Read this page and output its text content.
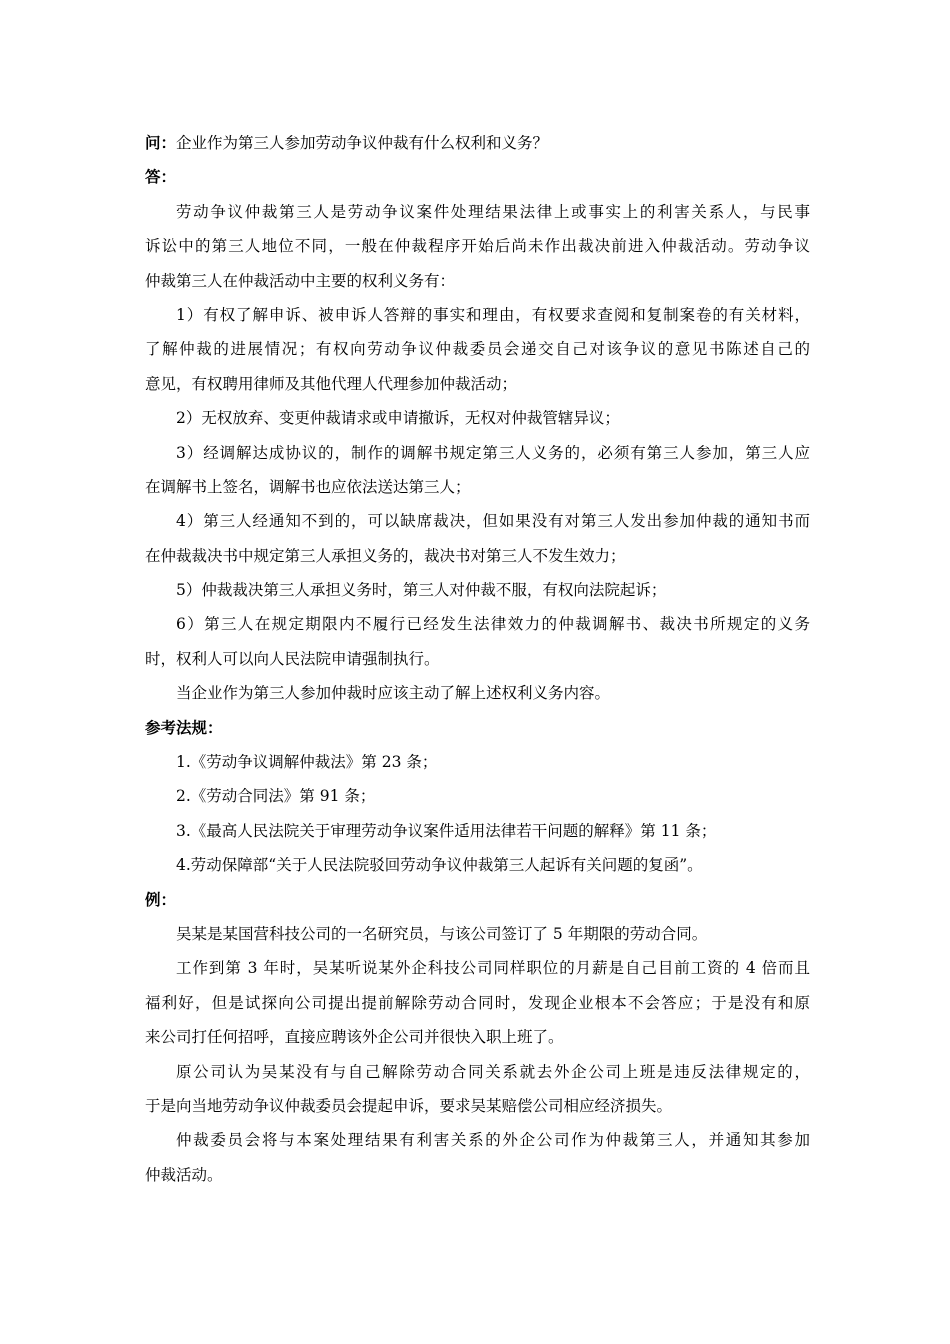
问：企业作为第三人参加劳动争议仲裁有什么权利和义务？
答：
劳动争议仲裁第三人是劳动争议案件处理结果法律上或事实上的利害关系人，与民事
诉讼中的第三人地位不同，一般在仲裁程序开始后尚未作出裁决前进入仲裁活动。劳动争议
仲裁第三人在仲裁活动中主要的权利义务有：
1）有权了解申诉、被申诉人答辩的事实和理由，有权要求查阅和复制案卷的有关材料，
了解仲裁的进展情况；有权向劳动争议仲裁委员会递交自己对该争议的意见书陈述自己的
意见，有权聘用律师及其他代理人代理参加仲裁活动；
2）无权放弃、变更仲裁请求或申请撤诉，无权对仲裁管辖异议；
3）经调解达成协议的，制作的调解书规定第三人义务的，必须有第三人参加，第三人应
在调解书上签名，调解书也应依法送达第三人；
4）第三人经通知不到的，可以缺席裁决，但如果没有对第三人发出参加仲裁的通知书而
在仲裁裁决书中规定第三人承担义务的，裁决书对第三人不发生效力；
5）仲裁裁决第三人承担义务时，第三人对仲裁不服，有权向法院起诉；
6）第三人在规定期限内不履行已经发生法律效力的仲裁调解书、裁决书所规定的义务
时，权利人可以向人民法院申请强制执行。
当企业作为第三人参加仲裁时应该主动了解上述权利义务内容。
参考法规：
1.《劳动争议调解仲裁法》第 23 条；
2.《劳动合同法》第 91 条；
3.《最高人民法院关于审理劳动争议案件适用法律若干问题的解释》第 11 条；
4.劳动保障部“关于人民法院驳回劳动争议仲裁第三人起诉有关问题的复函”。
例：
吴某是某国营科技公司的一名研究员，与该公司签订了 5 年期限的劳动合同。
工作到第 3 年时，吴某听说某外企科技公司同样职位的月薪是自己目前工资的 4 倍而且
福利好，但是试探向公司提出提前解除劳动合同时，发现企业根本不会答应；于是没有和原
来公司打任何招呼，直接应聘该外企公司并很快入职上班了。
原公司认为吴某没有与自己解除劳动合同关系就去外企公司上班是违反法律规定的，
于是向当地劳动争议仲裁委员会提起申诉，要求吴某赔偿公司相应经济损失。
仲裁委员会将与本案处理结果有利害关系的外企公司作为仲裁第三人，并通知其参加
仲裁活动。
